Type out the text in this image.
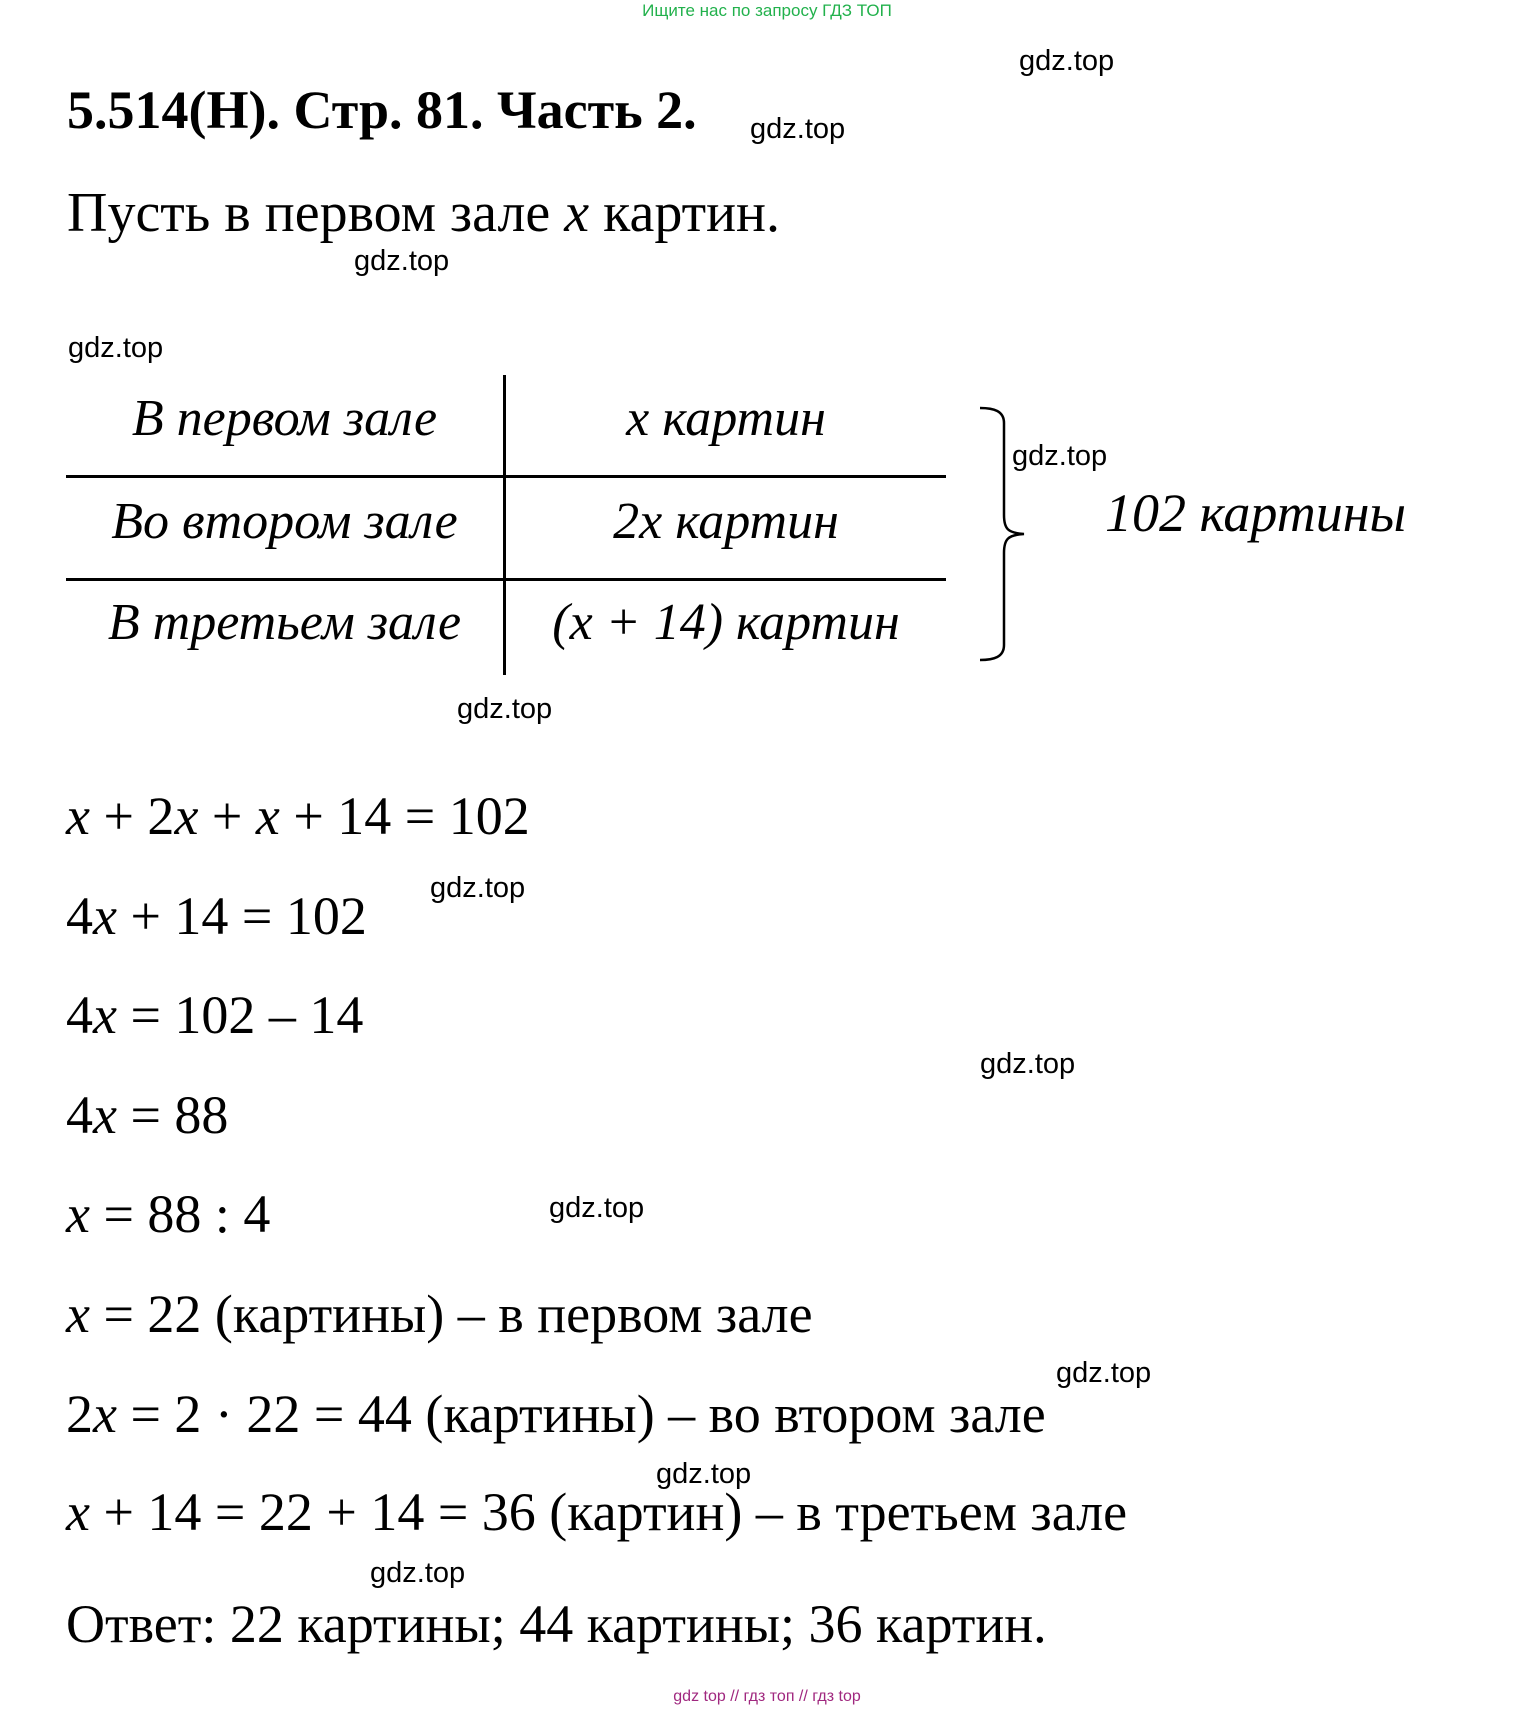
Ищите нас по запросу ГДЗ ТОП
5.514(Н). Стр. 81. Часть 2.
Пусть в первом зале x картин.
gdz.top
gdz.top
gdz.top
gdz.top
gdz.top
gdz.top
gdz.top
gdz.top
gdz.top
gdz.top
gdz.top
gdz.top
В первом зале	x картин
Во втором зале	2x картин
В третьем зале	(x + 14) картин
102 картины
x + 2x + x + 14 = 102
4x + 14 = 102
4x = 102 – 14
4x = 88
x = 88 : 4
x = 22 (картины) – в первом зале
2x = 2 · 22 = 44 (картины) – во втором зале
x + 14 = 22 + 14 = 36 (картин) – в третьем зале
Ответ: 22 картины; 44 картины; 36 картин.
gdz top // гдз топ // гдз top
